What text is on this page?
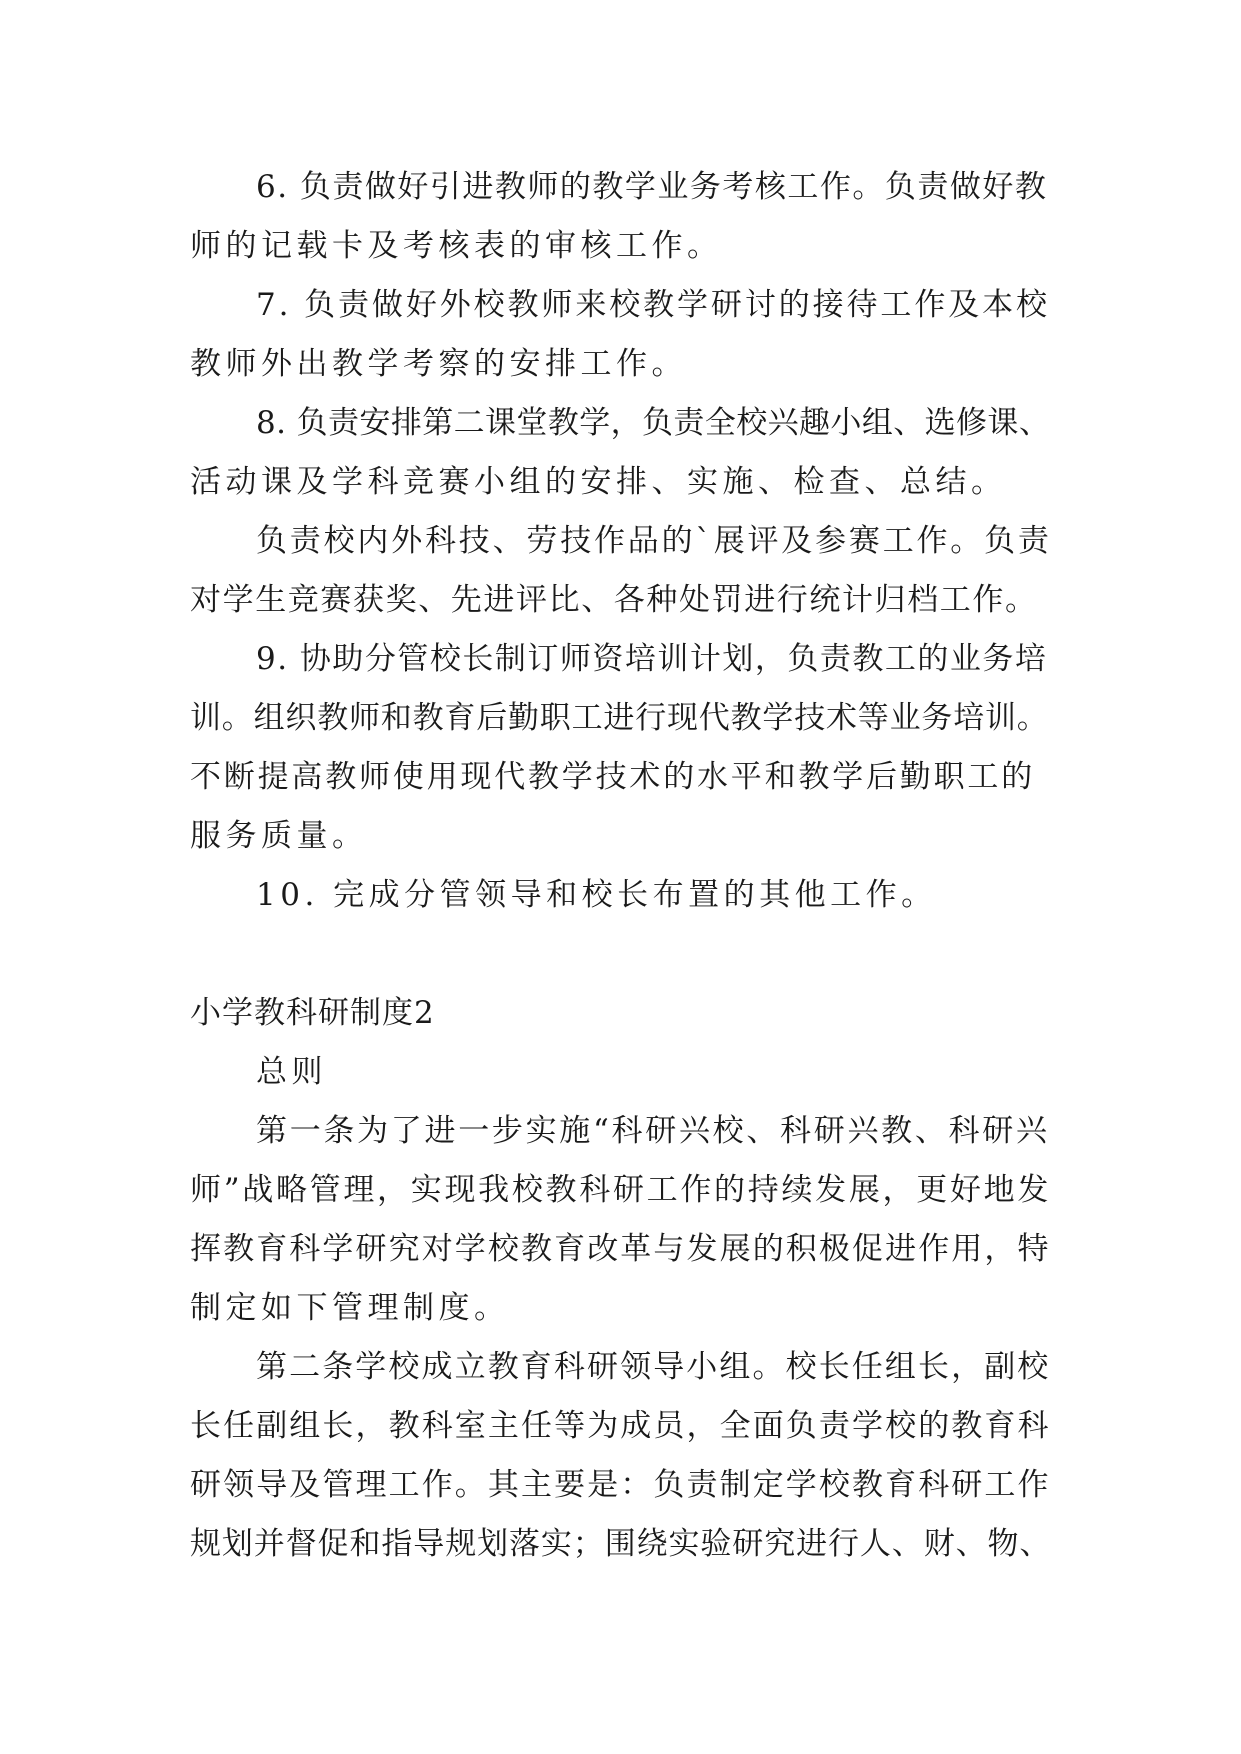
6. 负责做好引进教师的教学业务考核工作。负责做好教
师的记载卡及考核表的审核工作。
7. 负责做好外校教师来校教学研讨的接待工作及本校
教师外出教学考察的安排工作。
8. 负责安排第二课堂教学，负责全校兴趣小组、选修课、
活动课及学科竞赛小组的安排、实施、检查、总结。
负责校内外科技、劳技作品的`展评及参赛工作。负责
对学生竞赛获奖、先进评比、各种处罚进行统计归档工作。
9. 协助分管校长制订师资培训计划，负责教工的业务培
训。组织教师和教育后勤职工进行现代教学技术等业务培训。
不断提高教师使用现代教学技术的水平和教学后勤职工的
服务质量。
10. 完成分管领导和校长布置的其他工作。
小学教科研制度2
总则
第一条为了进一步实施“科研兴校、科研兴教、科研兴
师”战略管理，实现我校教科研工作的持续发展，更好地发
挥教育科学研究对学校教育改革与发展的积极促进作用，特
制定如下管理制度。
第二条学校成立教育科研领导小组。校长任组长，副校
长任副组长，教科室主任等为成员，全面负责学校的教育科
研领导及管理工作。其主要是：负责制定学校教育科研工作
规划并督促和指导规划落实；围绕实验研究进行人、财、物、
